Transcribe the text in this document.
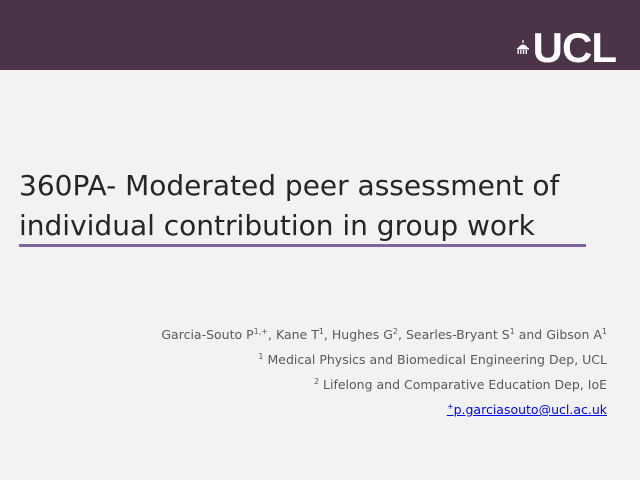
UCL
360PA- Moderated peer assessment of
individual contribution in group work
Garcia-Souto $P^{1,+}$, Kane $T^1$, Hughes $G^2$, Searles-Bryant $S^1$ and Gibson $A^1$
$^1$ Medical Physics and Biomedical Engineering Dep, UCL
$^2$ Lifelong and Comparative Education Dep, IoE
+p.garciasouto@ucl.ac.uk
